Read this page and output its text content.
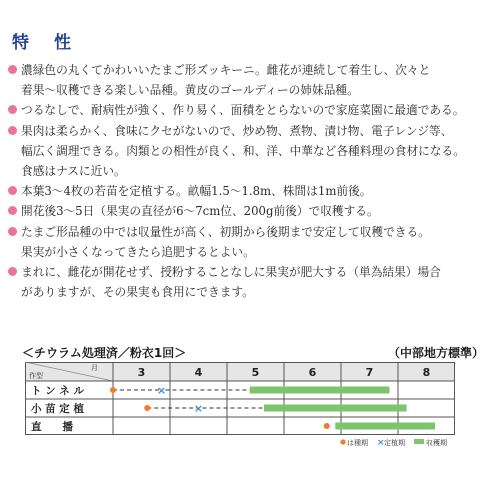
特　性
濃緑色の丸くてかわいいたまご形ズッキーニ。雌花が連続して着生し、次々と
着果～収穫できる楽しい品種。黄皮のゴールディーの姉妹品種。
つるなしで、耐病性が強く、作り易く、面積をとらないので家庭菜園に最適である。
果肉は柔らかく、食味にクセがないので、炒め物、煮物、漬け物、電子レンジ等、
幅広く調理できる。肉類との相性が良く、和、洋、中華など各種料理の食材になる。
食感はナスに近い。
本葉3～4枚の若苗を定植する。畝幅1.5～1.8m、株間は1m前後。
開花後3～5日（果実の直径が6～7cm位、200g前後）で収穫する。
たまご形品種の中では収量性が高く、初期から後期まで安定して収穫できる。
果実が小さくなってきたら追肥するとよい。
まれに、雌花が開花せず、授粉することなしに果実が肥大する（単為結果）場合
がありますが、その果実も食用にできます。
＜チウラム処理済／粉衣1回＞	（中部地方標準）
作型
月	3	4	5	6	7	8
ト ン ネ ル	×
小 苗 定 植	×
直　　播
は種期 × 定植期	収穫期
